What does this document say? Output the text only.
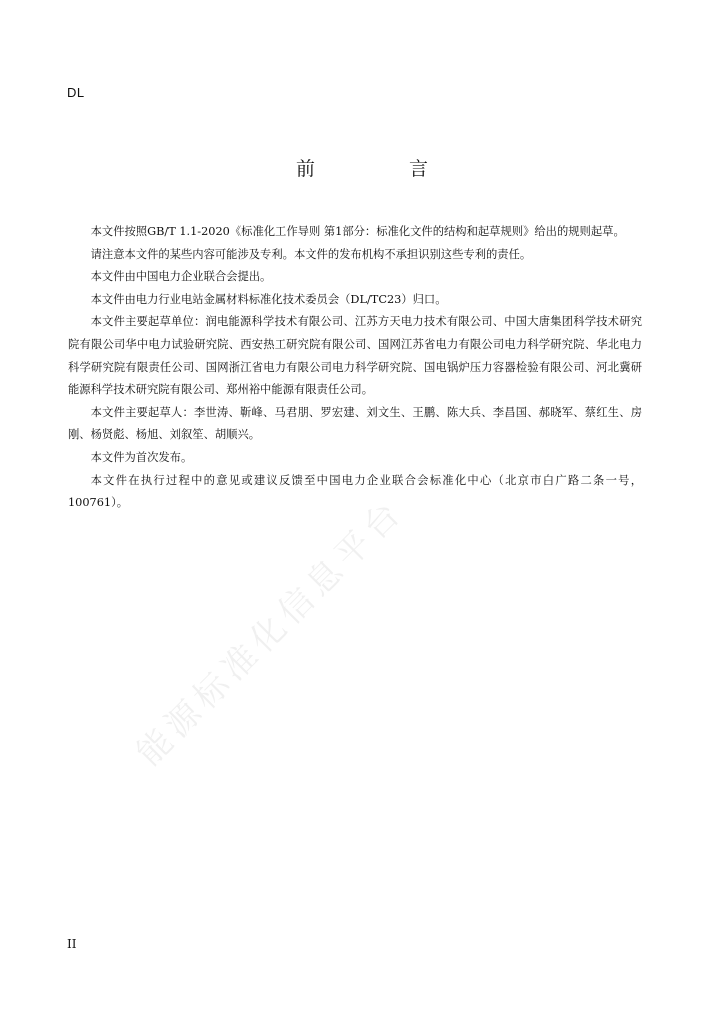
能源标准化信息平台
DL
前 言

本文件按照GB/T 1.1-2020《标准化工作导则 第1部分：标准化文件的结构和起草规则》给出的规则起草。

请注意本文件的某些内容可能涉及专利。本文件的发布机构不承担识别这些专利的责任。

本文件由中国电力企业联合会提出。

本文件由电力行业电站金属材料标准化技术委员会（DL/TC23）归口。

本文件主要起草单位：润电能源科学技术有限公司、江苏方天电力技术有限公司、中国大唐集团科学技术研究院有限公司华中电力试验研究院、西安热工研究院有限公司、国网江苏省电力有限公司电力科学研究院、华北电力科学研究院有限责任公司、国网浙江省电力有限公司电力科学研究院、国电锅炉压力容器检验有限公司、河北冀研能源科学技术研究院有限公司、郑州裕中能源有限责任公司。

本文件主要起草人：李世涛、靳峰、马君朋、罗宏建、刘文生、王鹏、陈大兵、李昌国、郝晓军、蔡红生、房刚、杨贤彪、杨旭、刘叙笙、胡顺兴。

本文件为首次发布。

本文件在执行过程中的意见或建议反馈至中国电力企业联合会标准化中心（北京市白广路二条一号，100761）。

II
